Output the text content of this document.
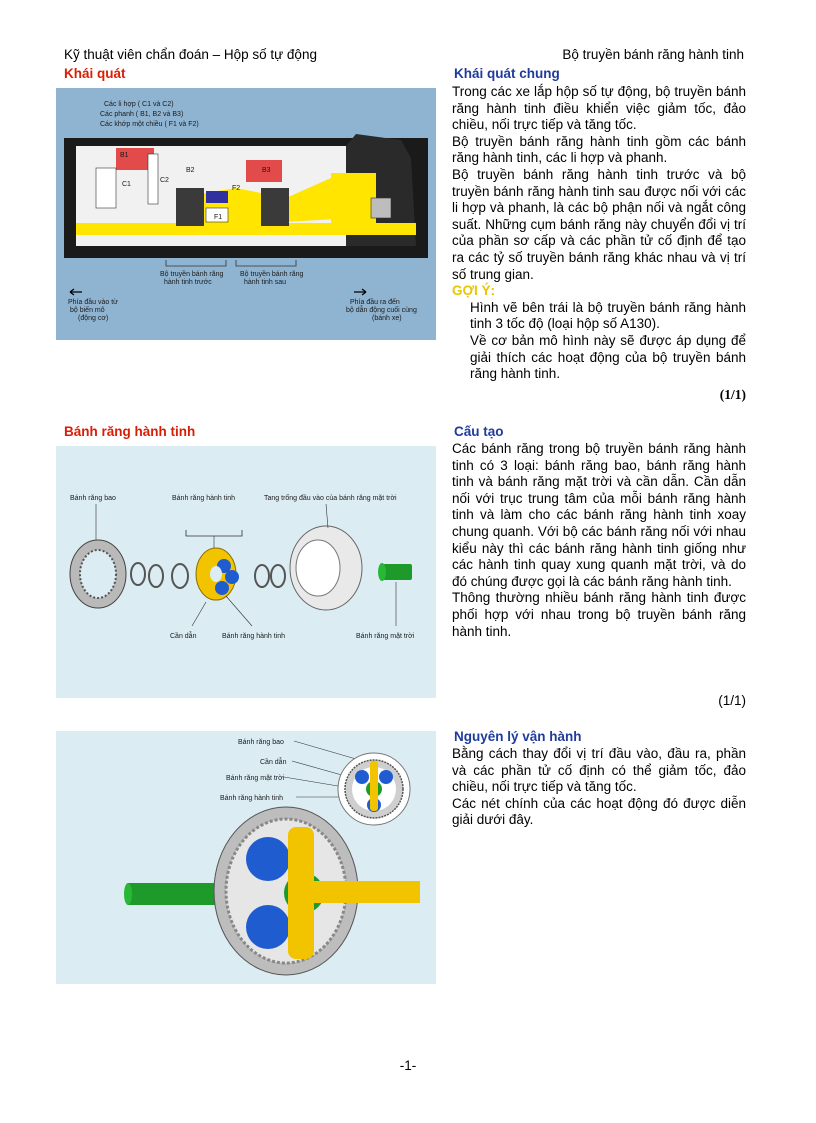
Kỹ thuật viên chẩn đoán – Hộp số tự động	Bộ truyền bánh răng hành tinh
Khái quát	Khái quát chung
Các li hợp ( C1 và C2)
Các phanh ( B1, B2 và B3)
Các khớp một chiều ( F1 và F2)
B1
C1
C2
B2
F2
B3
F1
Bộ truyền bánh răng
hành tinh trước
Bộ truyền bánh răng
hành tinh sau
Phía đầu vào từ
bộ biến mô
(động cơ)
Phía đầu ra đến
bộ dẫn động cuối cùng
(bánh xe)

Trong các xe lắp hộp số tự động, bộ truyền bánh răng hành tinh điều khiển việc giảm tốc, đảo chiều, nối trực tiếp và tăng tốc.

Bộ truyền bánh răng hành tinh gồm các bánh răng hành tinh, các li hợp và phanh.

Bộ truyền bánh răng hành tinh trước và bộ truyền bánh răng hành tinh sau được nối với các li hợp và phanh, là các bộ phận nối và ngắt công suất. Những cụm bánh răng này chuyển đổi vị trí của phần sơ cấp và các phần tử cố định để tạo ra các tỷ số truyền bánh răng khác nhau và vị trí số trung gian.

GỢI Ý:

Hình vẽ bên trái là bộ truyền bánh răng hành tinh 3 tốc độ (loại hộp số A130).

Về cơ bản mô hình này sẽ được áp dụng để giải thích các hoạt động của bộ truyền bánh răng hành tinh.

(1/1)
Bánh răng hành tinh	Cấu tạo
Bánh răng bao	Bánh răng hành tinh	Tang trống đầu vào của bánh răng mặt trời
Cần dẫn	Bánh răng hành tinh	Bánh răng mặt trời

Các bánh răng trong bộ truyền bánh răng hành tinh có 3 loại: bánh răng bao, bánh răng hành tinh và bánh răng mặt trời và cần dẫn. Cần dẫn nối với trục trung tâm của mỗi bánh răng hành tinh và làm cho các bánh răng hành tinh xoay chung quanh. Với bộ các bánh răng nối với nhau kiểu này thì các bánh răng hành tinh giống như các hành tinh quay xung quanh mặt trời, và do đó chúng được gọi là các bánh răng hành tinh.

Thông thường nhiều bánh răng hành tinh được phối hợp với nhau trong bộ truyền bánh răng hành tinh.

(1/1)
Nguyên lý vận hành
Bánh răng bao
Cần dẫn
Bánh răng mặt trời
Bánh răng hành tinh

Bằng cách thay đổi vị trí đầu vào, đầu ra, phần và các phần tử cố định có thể giảm tốc, đảo chiều, nối trực tiếp và tăng tốc.

Các nét chính của các hoạt động đó được diễn giải dưới đây.

-1-
